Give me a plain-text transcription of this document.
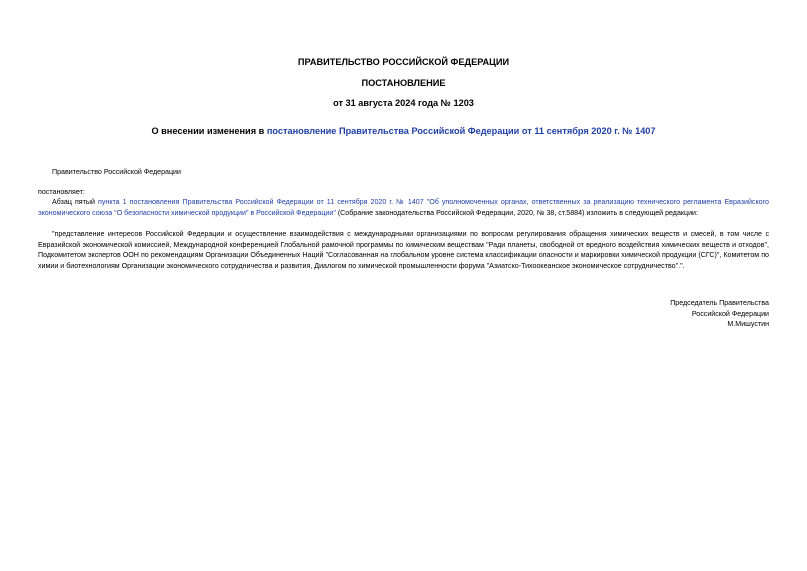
ПРАВИТЕЛЬСТВО РОССИЙСКОЙ ФЕДЕРАЦИИ
ПОСТАНОВЛЕНИЕ
от 31 августа 2024 года № 1203
О внесении изменения в постановление Правительства Российской Федерации от 11 сентября 2020 г. № 1407
Правительство Российской Федерации
постановляет:
Абзац пятый пункта 1 постановления Правительства Российской Федерации от 11 сентября 2020 г. № 1407 "Об уполномоченных органах, ответственных за реализацию технического регламента Евразийского экономического союза "О безопасности химической продукции" в Российской Федерации" (Собрание законодательства Российской Федерации, 2020, № 38, ст.5884) изложить в следующей редакции:
"представление интересов Российской Федерации и осуществление взаимодействия с международными организациями по вопросам регулирования обращения химических веществ и смесей, в том числе с Евразийской экономической комиссией, Международной конференцией Глобальной рамочной программы по химическим веществам "Ради планеты, свободной от вредного воздействия химических веществ и отходов", Подкомитетом экспертов ООН по рекомендациям Организации Объединенных Наций "Согласованная на глобальном уровне система классификации опасности и маркировки химической продукции (СГС)", Комитетом по химии и биотехнологиям Организации экономического сотрудничества и развития, Диалогом по химической промышленности форума "Азиатско-Тихоокеанское экономическое сотрудничество".".
Председатель Правительства
Российской Федерации
М.Мишустин
